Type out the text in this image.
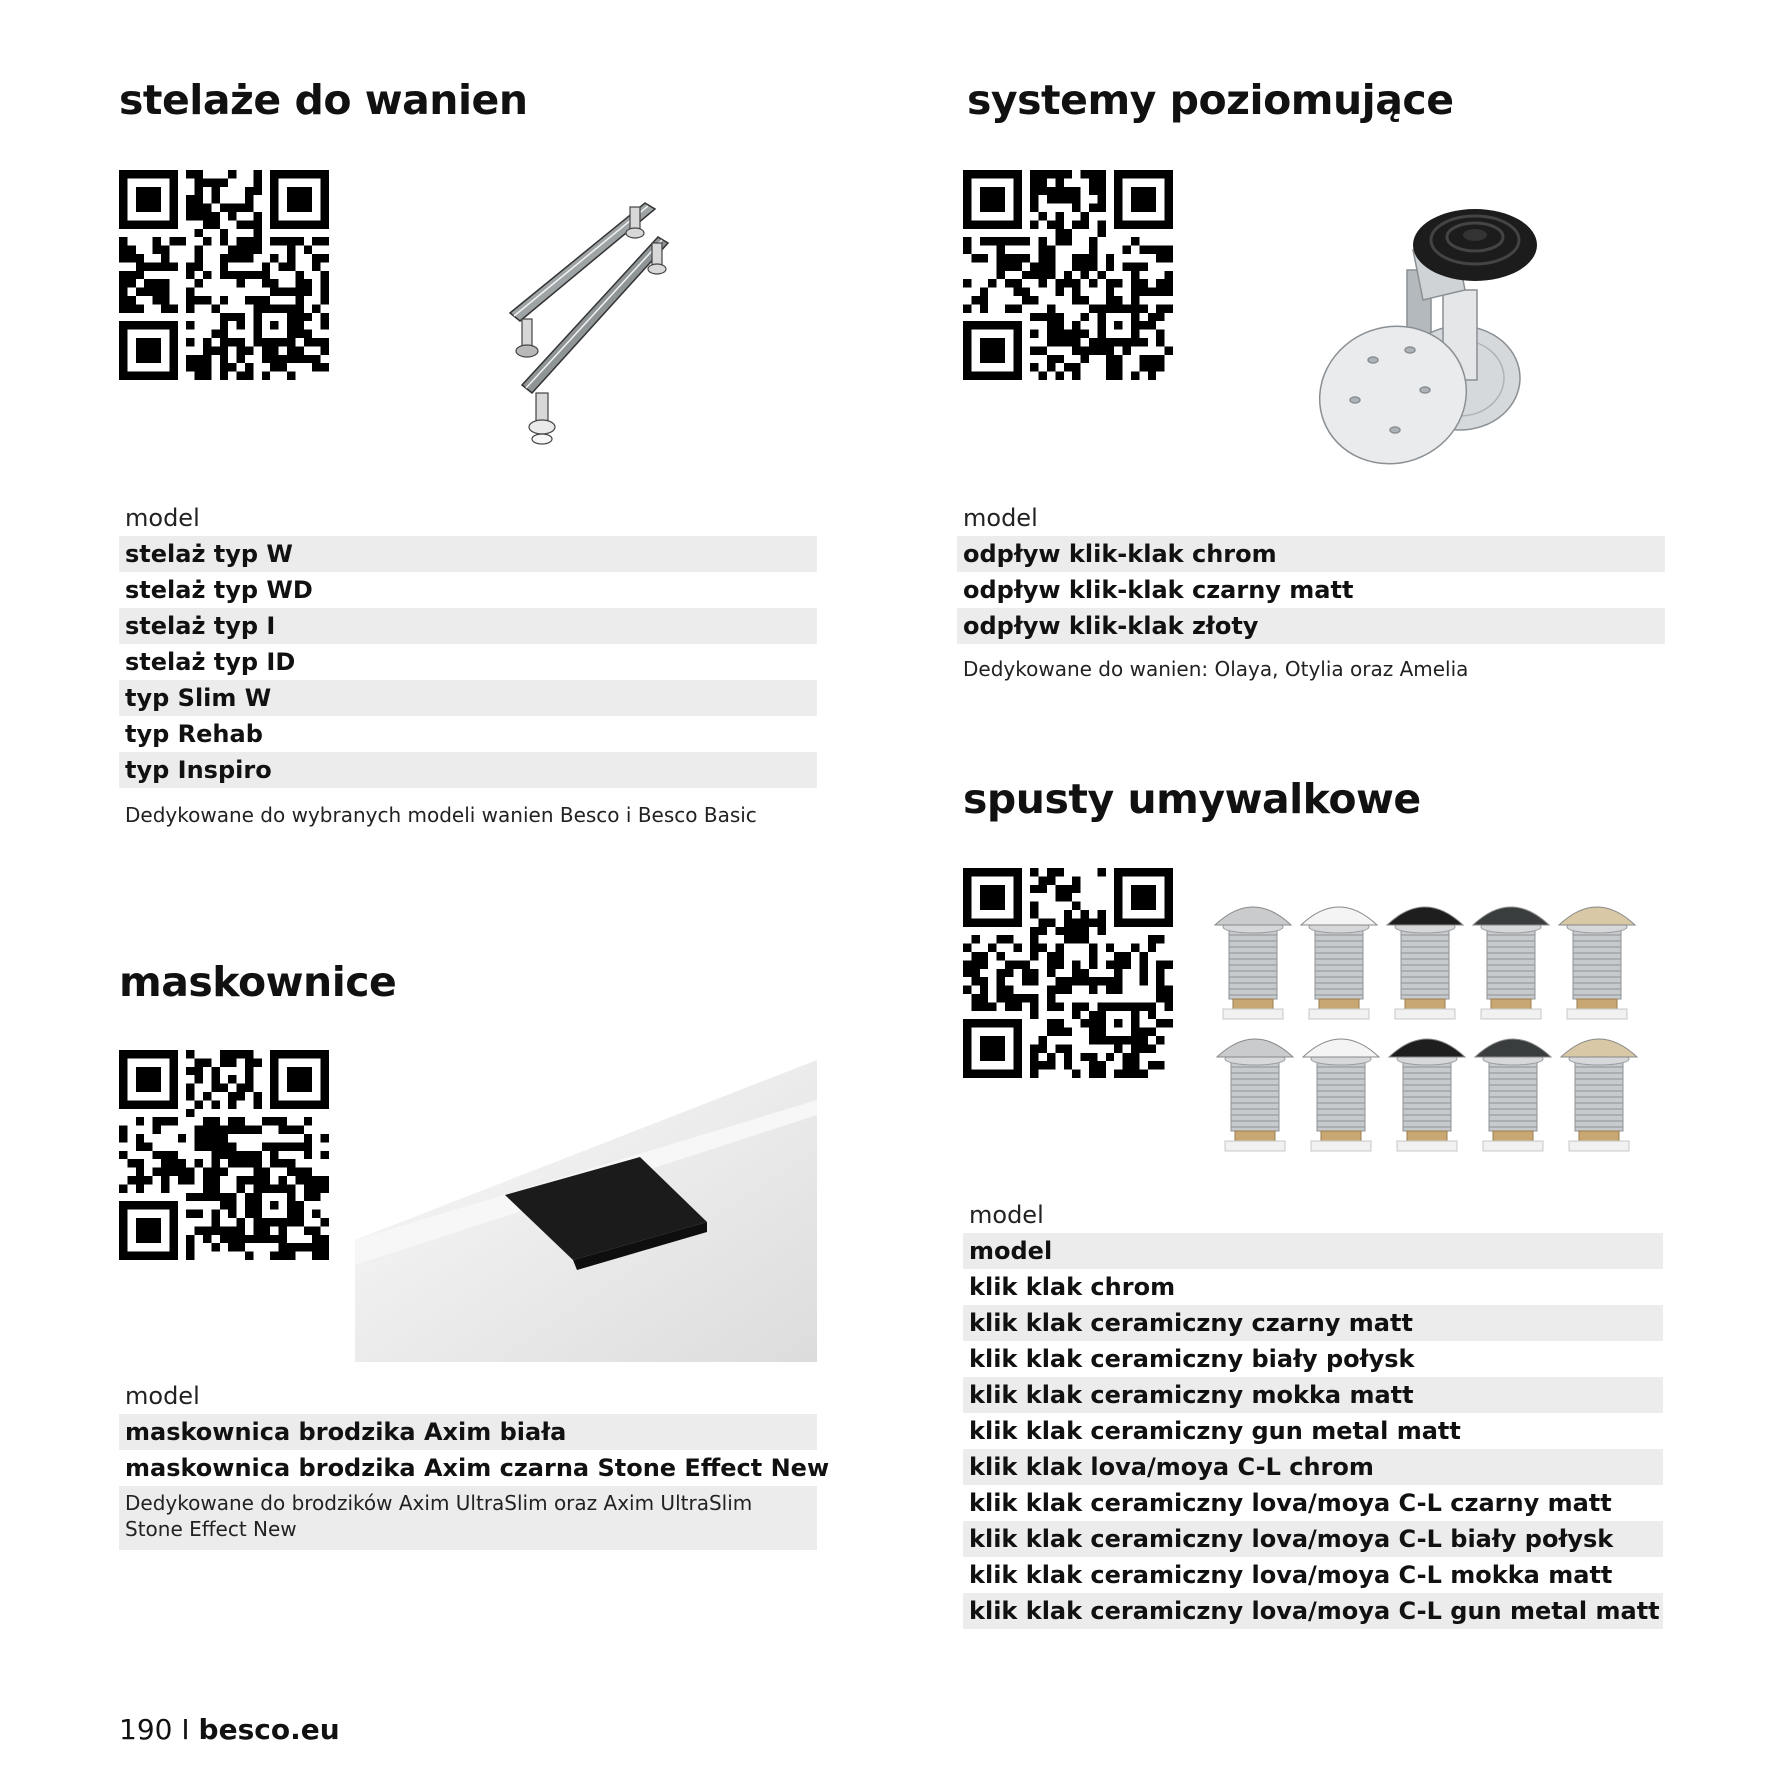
stelaże do wanien
model
stelaż typ W
stelaż typ WD
stelaż typ I
stelaż typ ID
typ Slim W
typ Rehab
typ Inspiro
Dedykowane do wybranych modeli wanien Besco i Besco Basic
systemy poziomujące
model
odpływ klik-klak chrom
odpływ klik-klak czarny matt
odpływ klik-klak złoty
Dedykowane do wanien: Olaya, Otylia oraz Amelia
maskownice
model
maskownica brodzika Axim biała
maskownica brodzika Axim czarna Stone Effect New
Dedykowane do brodzików Axim UltraSlim oraz Axim UltraSlim Stone Effect New
spusty umywalkowe
model
model
klik klak chrom
klik klak ceramiczny czarny matt
klik klak ceramiczny biały połysk
klik klak ceramiczny mokka matt
klik klak ceramiczny gun metal matt
klik klak lova/moya C-L chrom
klik klak ceramiczny lova/moya C-L czarny matt
klik klak ceramiczny lova/moya C-L biały połysk
klik klak ceramiczny lova/moya C-L mokka matt
klik klak ceramiczny lova/moya C-L gun metal matt
190 I besco.eu
